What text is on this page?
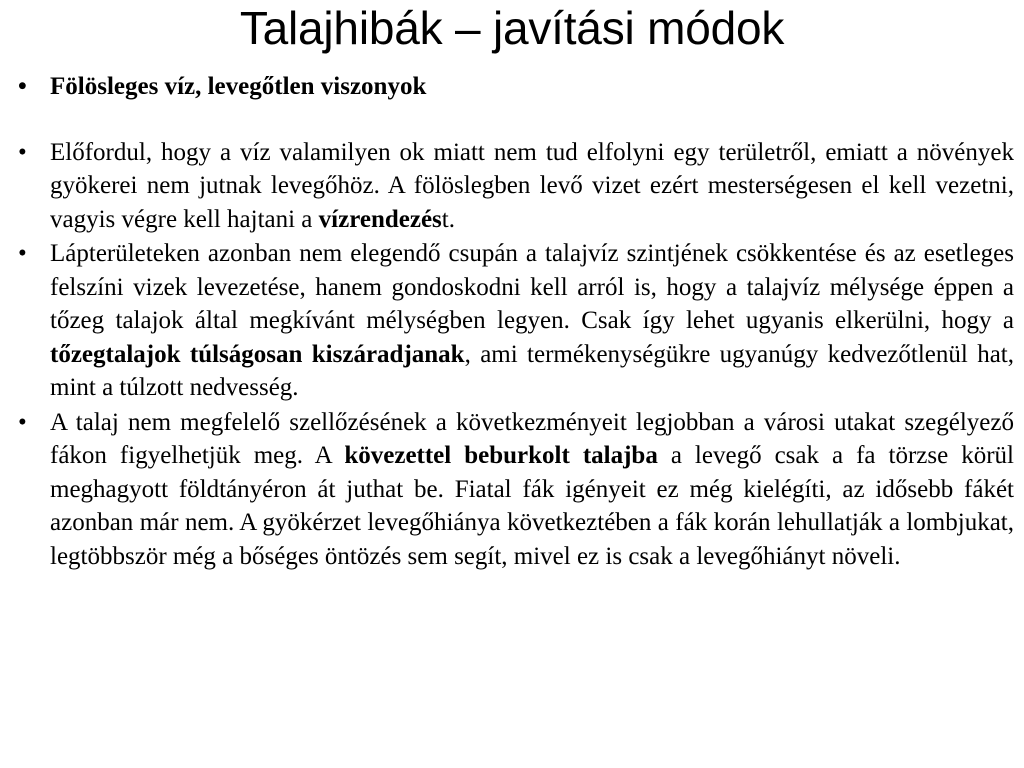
Talajhibák – javítási módok

• Fölösleges víz, levegőtlen viszonyok

• Előfordul, hogy a víz valamilyen ok miatt nem tud elfolyni egy területről, emiatt a növények gyökerei nem jutnak levegőhöz. A fölöslegben levő vizet ezért mesterségesen el kell vezetni, vagyis végre kell hajtani a vízrendezést.

• Lápterületeken azonban nem elegendő csupán a talajvíz szintjének csökkentése és az esetleges felszíni vizek levezetése, hanem gondoskodni kell arról is, hogy a talajvíz mélysége éppen a tőzeg talajok által megkívánt mélységben legyen. Csak így lehet ugyanis elkerülni, hogy a tőzegtalajok túlságosan kiszáradjanak, ami termékenységükre ugyanúgy kedvezőtlenül hat, mint a túlzott nedvesség.

• A talaj nem megfelelő szellőzésének a következményeit legjobban a városi utakat szegélyező fákon figyelhetjük meg. A kövezettel beburkolt talajba a levegő csak a fa törzse körül meghagyott földtányéron át juthat be. Fiatal fák igényeit ez még kielégíti, az idősebb fákét azonban már nem. A gyökérzet levegőhiánya következtében a fák korán lehullatják a lombjukat, legtöbbször még a bőséges öntözés sem segít, mivel ez is csak a levegőhiányt növeli.
